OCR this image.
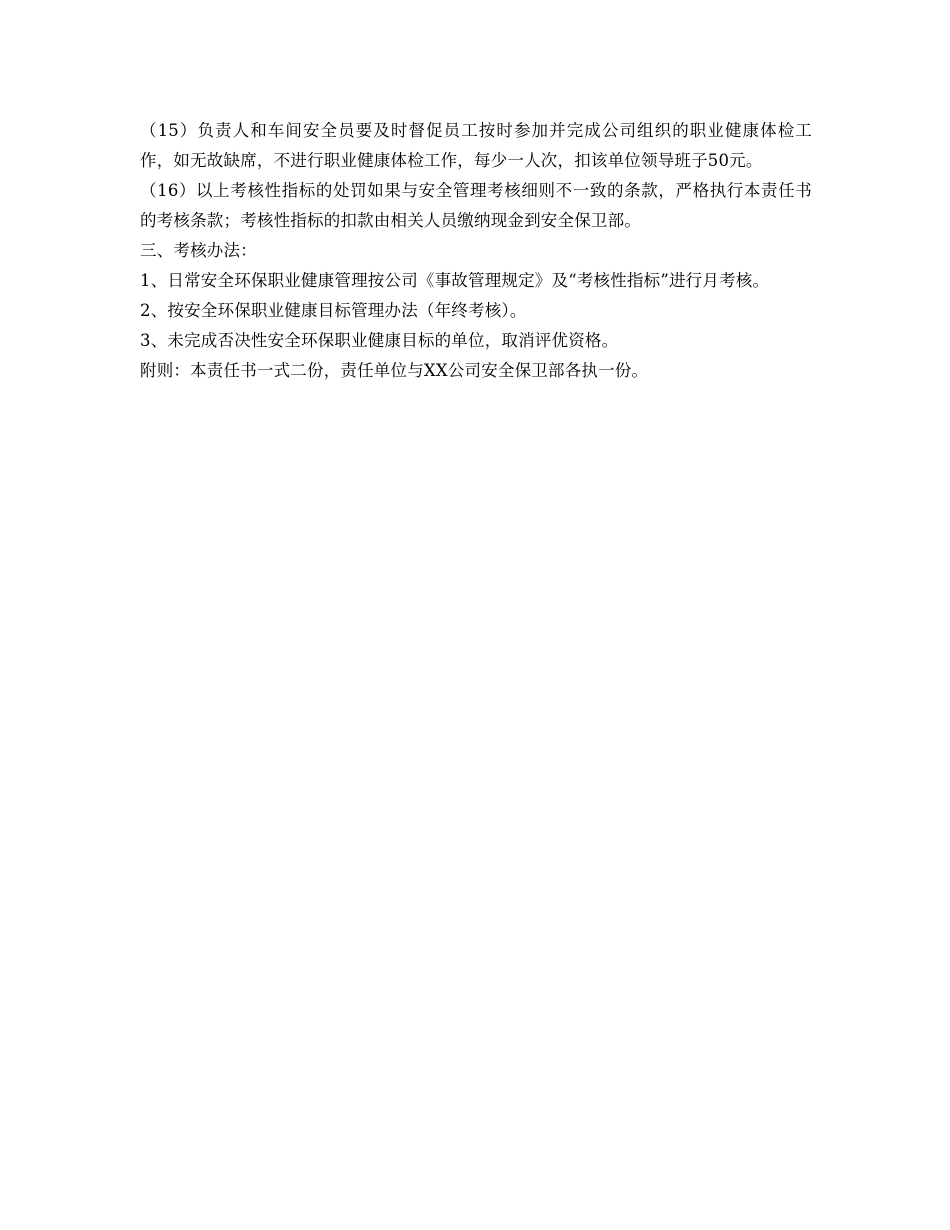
（15）负责人和车间安全员要及时督促员工按时参加并完成公司组织的职业健康体检工作，如无故缺席，不进行职业健康体检工作，每少一人次，扣该单位领导班子50元。

（16）以上考核性指标的处罚如果与安全管理考核细则不一致的条款，严格执行本责任书的考核条款；考核性指标的扣款由相关人员缴纳现金到安全保卫部。

三、考核办法：

1、日常安全环保职业健康管理按公司《事故管理规定》及“考核性指标”进行月考核。

2、按安全环保职业健康目标管理办法（年终考核）。

3、未完成否决性安全环保职业健康目标的单位，取消评优资格。

附则：本责任书一式二份，责任单位与XX公司安全保卫部各执一份。
